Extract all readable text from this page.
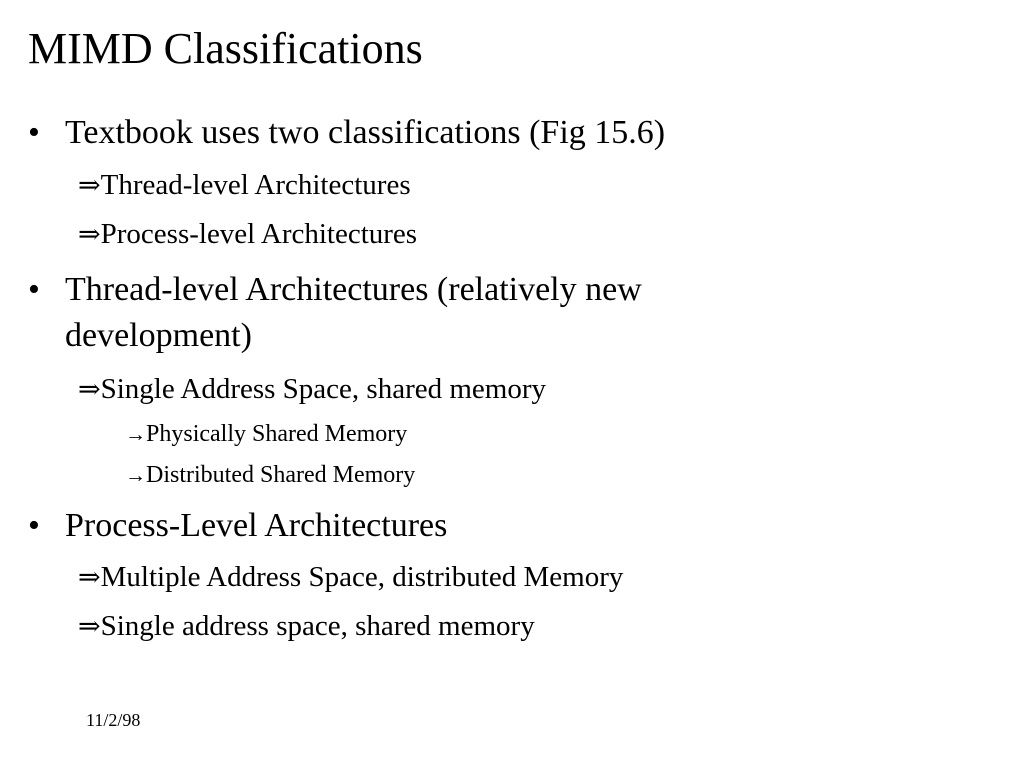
MIMD Classifications
• Textbook uses two classifications (Fig 15.6)
⇒Thread-level Architectures
⇒Process-level Architectures
• Thread-level Architectures (relatively new development)
⇒Single Address Space, shared memory
→Physically Shared Memory
→Distributed Shared Memory
• Process-Level Architectures
⇒Multiple Address Space, distributed Memory
⇒Single address space, shared memory
11/2/98
